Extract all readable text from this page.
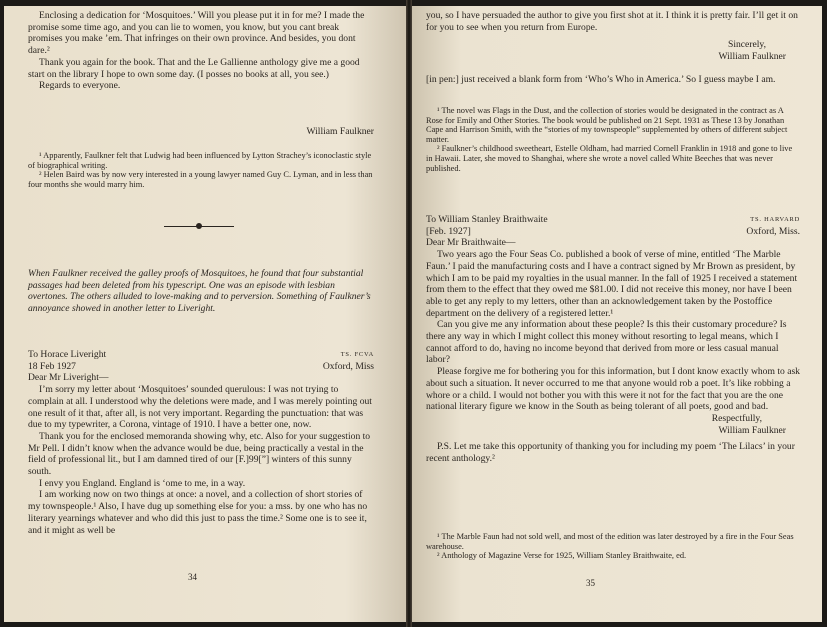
Enclosing a dedication for ‘Mosquitoes.’ Will you please put it in for me? I made the promise some time ago, and you can lie to women, you know, but you cant break promises you make ’em. That infringes on their own province. And besides, you dont dare.²

Thank you again for the book. That and the Le Gallienne anthology give me a good start on the library I hope to own some day. (I posses no books at all, you see.)

Regards to everyone.

William Faulkner

¹ Apparently, Faulkner felt that Ludwig had been influenced by Lytton Strachey’s iconoclastic style of biographical writing.

² Helen Baird was by now very interested in a young lawyer named Guy C. Lyman, and in less than four months she would marry him.

When Faulkner received the galley proofs of Mosquitoes, he found that four substantial passages had been deleted from his typescript. One was an episode with lesbian overtones. The others alluded to love-making and to perversion. Something of Faulkner’s annoyance showed in another letter to Liveright.

To Horace Liveright
18 Feb 1927
TS. FCVA
Oxford, Miss

Dear Mr Liveright—

I’m sorry my letter about ‘Mosquitoes’ sounded querulous: I was not trying to complain at all. I understood why the deletions were made, and I was merely pointing out one result of it that, after all, is not very important. Regarding the punctuation: that was due to my typewriter, a Corona, vintage of 1910. I have a better one, now.

Thank you for the enclosed memoranda showing why, etc. Also for your suggestion to Mr Pell. I didn’t know when the advance would be due, being practically a vestal in the field of professional lit., but I am damned tired of our [F.]99[”] winters of this sunny south.

I envy you England. England is ‘ome to me, in a way.

I am working now on two things at once: a novel, and a collection of short stories of my townspeople.¹ Also, I have dug up something else for you: a mss. by one who has no literary yearnings whatever and who did this just to pass the time.² Some one is to see it, and it might as well be

34

you, so I have persuaded the author to give you first shot at it. I think it is pretty fair. I’ll get it on for you to see when you return from Europe.

Sincerely,
William Faulkner

[in pen:] just received a blank form from ‘Who’s Who in America.’ So I guess maybe I am.

¹ The novel was Flags in the Dust, and the collection of stories would be designated in the contract as A Rose for Emily and Other Stories. The book would be published on 21 Sept. 1931 as These 13 by Jonathan Cape and Harrison Smith, with the “stories of my townspeople” supplemented by others of different subject matter.

² Faulkner’s childhood sweetheart, Estelle Oldham, had married Cornell Franklin in 1918 and gone to live in Hawaii. Later, she moved to Shanghai, where she wrote a novel called White Beeches that was never published.

To William Stanley Braithwaite
[Feb. 1927]
TS. HARVARD
Oxford, Miss.

Dear Mr Braithwaite—

Two years ago the Four Seas Co. published a book of verse of mine, entitled ‘The Marble Faun.’ I paid the manufacturing costs and I have a contract signed by Mr Brown as president, by which I am to be paid my royalties in the usual manner. In the fall of 1925 I received a statement from them to the effect that they owed me $81.00. I did not receive this money, nor have I been able to get any reply to my letters, other than an acknowledgement taken by the Postoffice department on the delivery of a registered letter.¹

Can you give me any information about these people? Is this their customary procedure? Is there any way in which I might collect this money without resorting to legal means, which I cannot afford to do, having no income beyond that derived from more or less casual manual labor?

Please forgive me for bothering you for this information, but I dont know exactly whom to ask about such a situation. It never occurred to me that anyone would rob a poet. It’s like robbing a whore or a child. I would not bother you with this were it not for the fact that you are the one national literary figure we know in the South as being tolerant of all poets, good and bad.

Respectfully,
William Faulkner

P.S. Let me take this opportunity of thanking you for including my poem ‘The Lilacs’ in your recent anthology.²

¹ The Marble Faun had not sold well, and most of the edition was later destroyed by a fire in the Four Seas warehouse.

² Anthology of Magazine Verse for 1925, William Stanley Braithwaite, ed.

35
